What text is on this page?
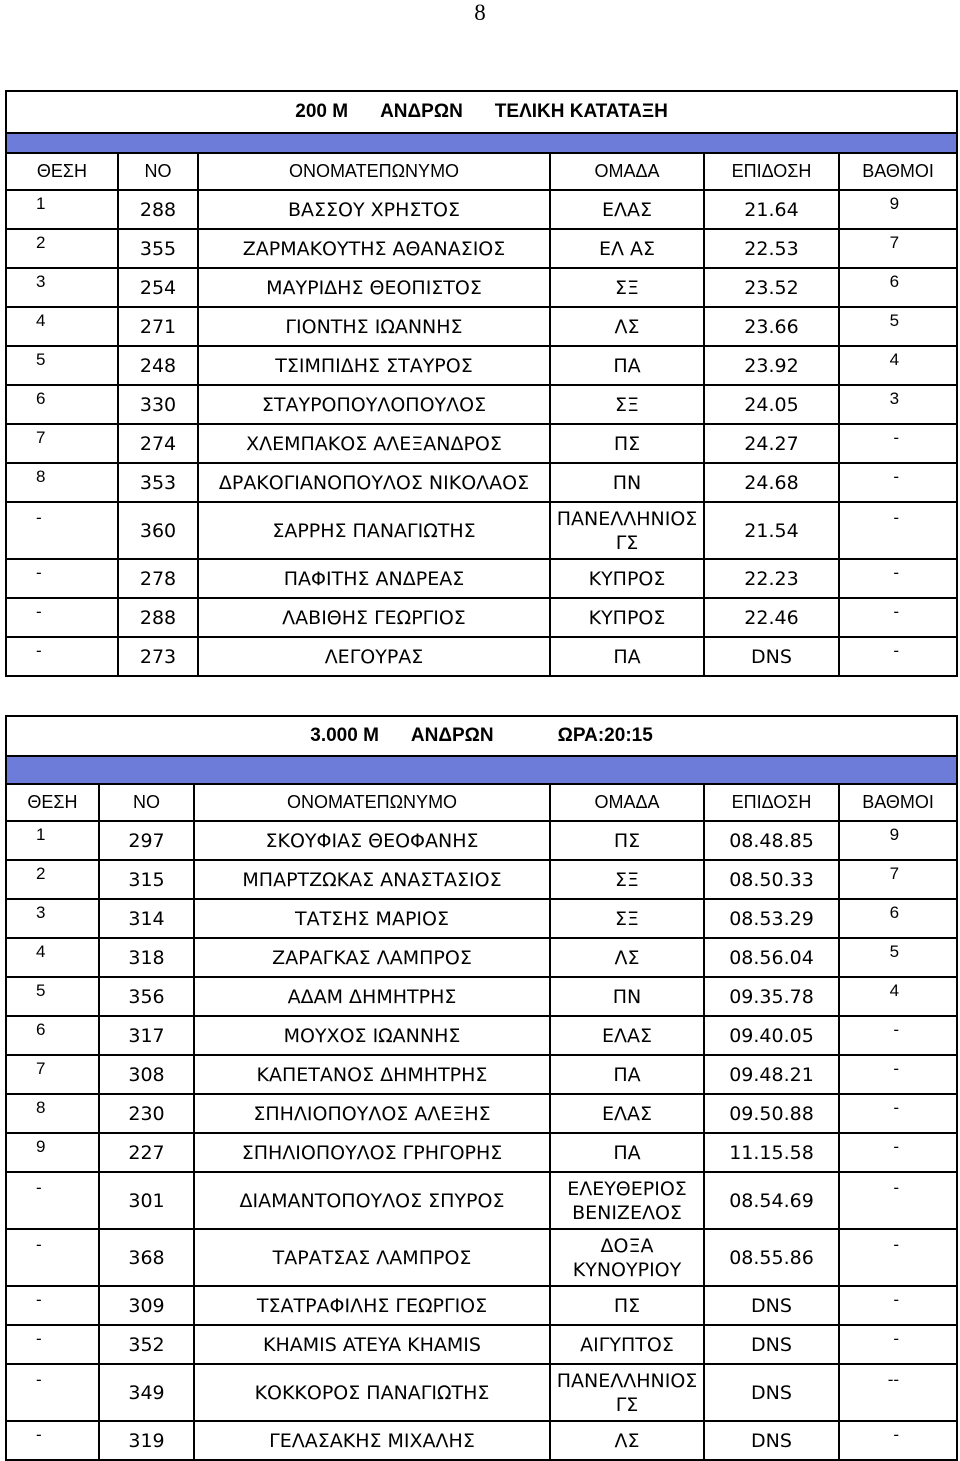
8
200 Μ ΑΝΔΡΩΝ ΤΕΛΙΚΗ ΚΑΤΑΤΑΞΗ					

ΘΕΣΗ	ΝΟ	ΟΝΟΜΑΤΕΠΩΝΥΜΟ	ΟΜΑΔΑ	ΕΠΙΔΟΣΗ	ΒΑΘΜΟΙ
1	288	ΒΑΣΣΟΥ ΧΡΗΣΤΟΣ	ΕΛΑΣ	21.64	9
2	355	ΖΑΡΜΑΚΟΥΤΗΣ ΑΘΑΝΑΣΙΟΣ	ΕΛ ΑΣ	22.53	7
3	254	ΜΑΥΡΙΔΗΣ ΘΕΟΠΙΣΤΟΣ	ΣΞ	23.52	6
4	271	ΓΙΟΝΤΗΣ ΙΩΑΝΝΗΣ	ΛΣ	23.66	5
5	248	ΤΣΙΜΠΙΔΗΣ ΣΤΑΥΡΟΣ	ΠΑ	23.92	4
6	330	ΣΤΑΥΡΟΠΟΥΛΟΠΟΥΛΟΣ	ΣΞ	24.05	3
7	274	ΧΛΕΜΠΑΚΟΣ ΑΛΕΞΑΝΔΡΟΣ	ΠΣ	24.27	-
8	353	ΔΡΑΚΟΓΙΑΝΟΠΟΥΛΟΣ ΝΙΚΟΛΑΟΣ	ΠΝ	24.68	-
-	360	ΣΑΡΡΗΣ ΠΑΝΑΓΙΩΤΗΣ	ΠΑΝΕΛΛΗΝΙΟΣ
ΓΣ	21.54	-
-	278	ΠΑΦΙΤΗΣ ΑΝΔΡΕΑΣ	ΚΥΠΡΟΣ	22.23	-
-	288	ΛΑΒΙΘΗΣ ΓΕΩΡΓΙΟΣ	ΚΥΠΡΟΣ	22.46	-
-	273	ΛΕΓΟΥΡΑΣ	ΠΑ	DNS	-
3.000 Μ ΑΝΔΡΩΝ ΩΡΑ:20:15					

ΘΕΣΗ	ΝΟ	ΟΝΟΜΑΤΕΠΩΝΥΜΟ	ΟΜΑΔΑ	ΕΠΙΔΟΣΗ	ΒΑΘΜΟΙ
1	297	ΣΚΟΥΦΙΑΣ ΘΕΟΦΑΝΗΣ	ΠΣ	08.48.85	9
2	315	ΜΠΑΡΤΖΩΚΑΣ ΑΝΑΣΤΑΣΙΟΣ	ΣΞ	08.50.33	7
3	314	ΤΑΤΣΗΣ ΜΑΡΙΟΣ	ΣΞ	08.53.29	6
4	318	ΖΑΡΑΓΚΑΣ ΛΑΜΠΡΟΣ	ΛΣ	08.56.04	5
5	356	ΑΔΑΜ ΔΗΜΗΤΡΗΣ	ΠΝ	09.35.78	4
6	317	ΜΟΥΧΟΣ ΙΩΑΝΝΗΣ	ΕΛΑΣ	09.40.05	-
7	308	ΚΑΠΕΤΑΝΟΣ ΔΗΜΗΤΡΗΣ	ΠΑ	09.48.21	-
8	230	ΣΠΗΛΙΟΠΟΥΛΟΣ ΑΛΕΞΗΣ	ΕΛΑΣ	09.50.88	-
9	227	ΣΠΗΛΙΟΠΟΥΛΟΣ ΓΡΗΓΟΡΗΣ	ΠΑ	11.15.58	-
-	301	ΔΙΑΜΑΝΤΟΠΟΥΛΟΣ ΣΠΥΡΟΣ	ΕΛΕΥΘΕΡΙΟΣ
ΒΕΝΙΖΕΛΟΣ	08.54.69	-
-	368	ΤΑΡΑΤΣΑΣ ΛΑΜΠΡΟΣ	ΔΟΞΑ
ΚΥΝΟΥΡΙΟΥ	08.55.86	-
-	309	ΤΣΑΤΡΑΦΙΛΗΣ ΓΕΩΡΓΙΟΣ	ΠΣ	DNS	-
-	352	KHAMIS ATEYA KHAMIS	ΑΙΓΥΠΤΟΣ	DNS	-
-	349	ΚΟΚΚΟΡΟΣ ΠΑΝΑΓΙΩΤΗΣ	ΠΑΝΕΛΛΗΝΙΟΣ
ΓΣ	DNS	--
-	319	ΓΕΛΑΣΑΚΗΣ ΜΙΧΑΛΗΣ	ΛΣ	DNS	-
